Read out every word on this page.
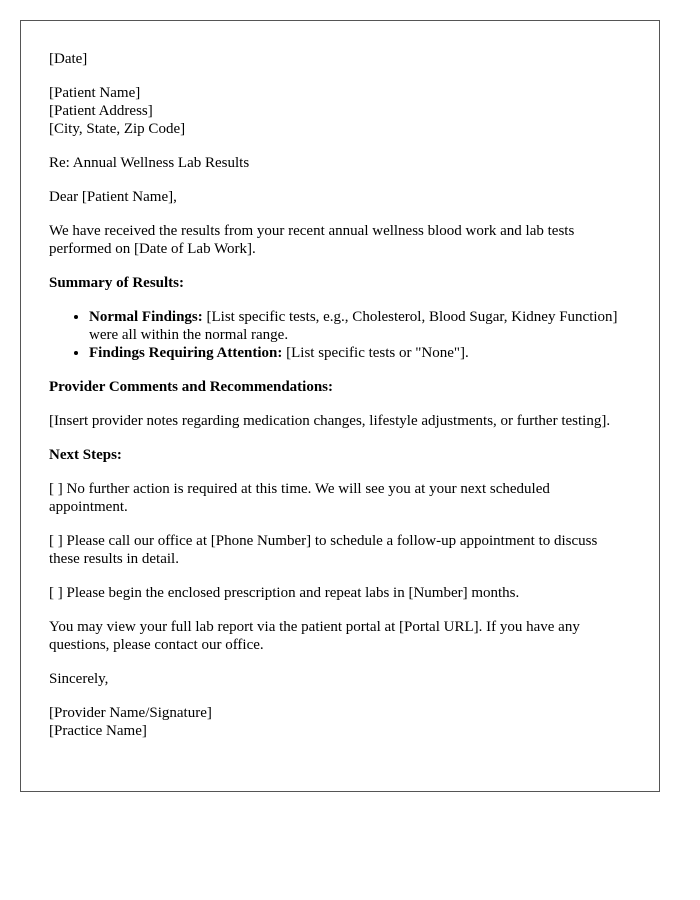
[Date]

[Patient Name]
[Patient Address]
[City, State, Zip Code]

Re: Annual Wellness Lab Results

Dear [Patient Name],

We have received the results from your recent annual wellness blood work and lab tests performed on [Date of Lab Work].

Summary of Results:

• Normal Findings: [List specific tests, e.g., Cholesterol, Blood Sugar, Kidney Function] were all within the normal range.
• Findings Requiring Attention: [List specific tests or "None"].

Provider Comments and Recommendations:

[Insert provider notes regarding medication changes, lifestyle adjustments, or further testing].

Next Steps:

[ ] No further action is required at this time. We will see you at your next scheduled appointment.

[ ] Please call our office at [Phone Number] to schedule a follow-up appointment to discuss these results in detail.

[ ] Please begin the enclosed prescription and repeat labs in [Number] months.

You may view your full lab report via the patient portal at [Portal URL]. If you have any questions, please contact our office.

Sincerely,

[Provider Name/Signature]
[Practice Name]
